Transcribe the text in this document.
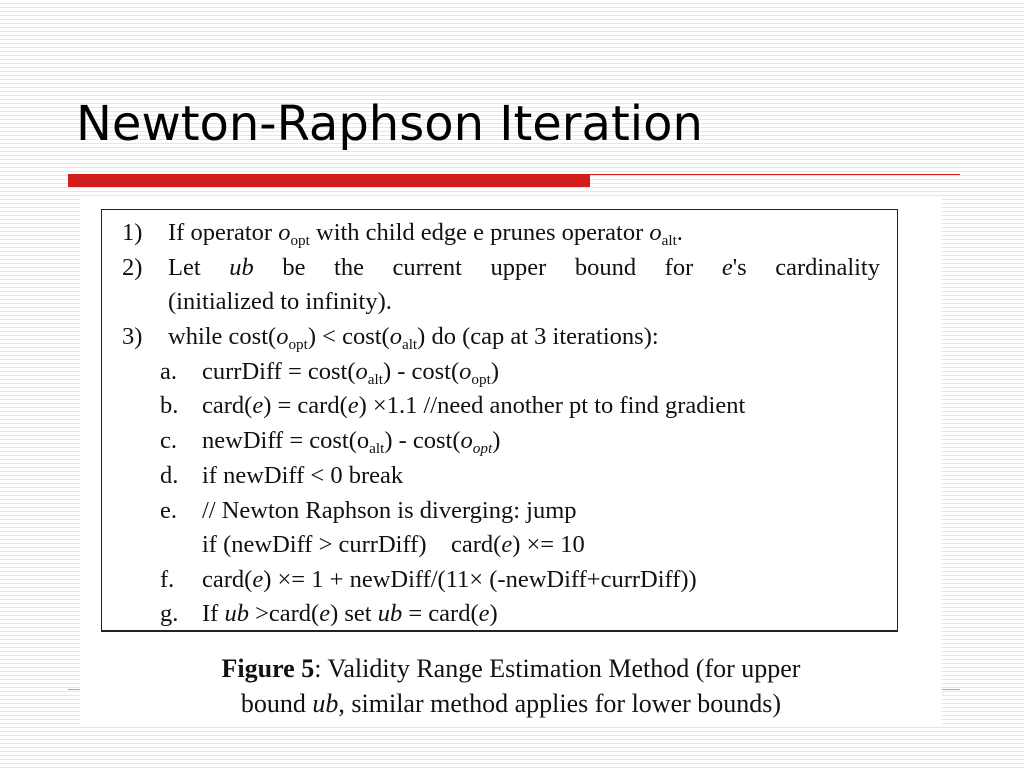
Newton-Raphson Iteration
1) If operator $o_{opt}$ with child edge e prunes operator $o_{alt}$.
2) Let ub be the current upper bound for e's cardinality
(initialized to infinity).
3) while $\cos t(o_{opt}) < \cos t(o_{alt})$ do (cap at 3 iterations):
a. currDiff = $\cos t(o_{alt}) - \cos t(o_{opt})$
b. card(e) = card(e) ×1.1 //need another pt to find gradient
c. newDiff = $\cos t(o_{alt}) - \cos t(o_{opt})$
d. if newDiff < 0 break
e. // Newton Raphson is diverging: jump
if (newDiff > currDiff)    card(e) ×= 10
f. card(e) ×= 1 + newDiff/(11× (-newDiff+currDiff))
g. If ub >card(e) set ub = card(e)
Figure 5: Validity Range Estimation Method (for upper
bound ub, similar method applies for lower bounds)
